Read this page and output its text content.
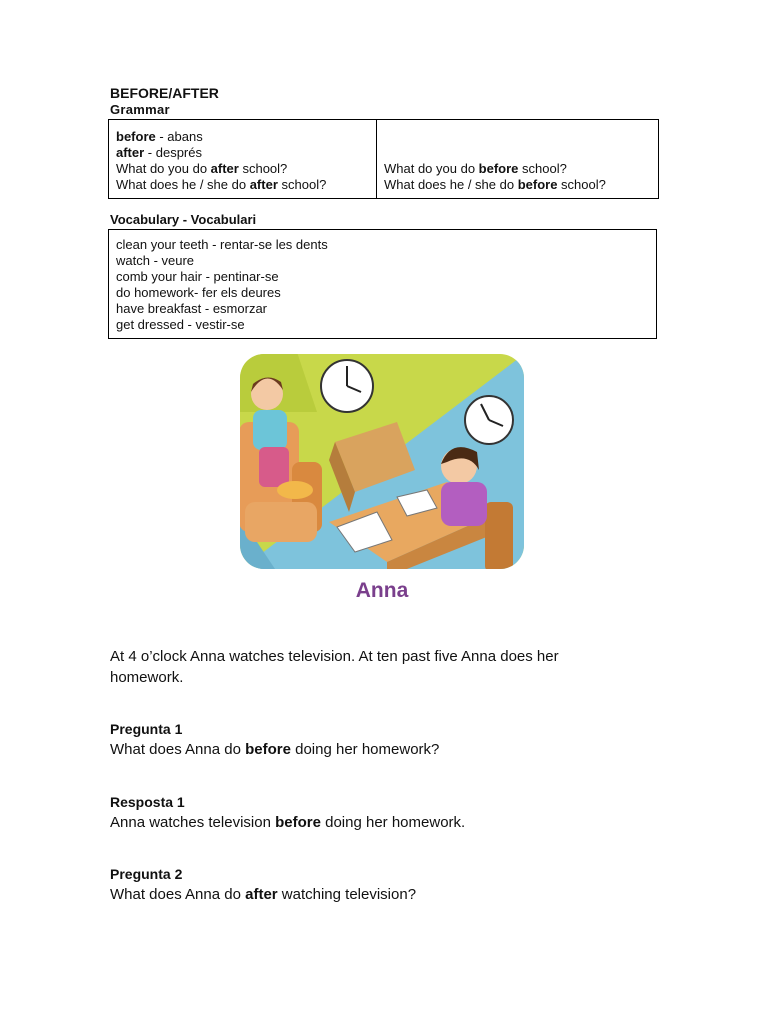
BEFORE/AFTER
Grammar
before - abans
after - després
What do you do after school?
What does he / she do after school?

What do you do before school?
What does he / she do before school?
Vocabulary - Vocabulari
clean your teeth - rentar-se les dents
watch - veure
comb your hair - pentinar-se
do homework- fer els deures
have breakfast - esmorzar
get dressed - vestir-se
Anna
At 4 o’clock Anna watches television. At ten past five Anna does her
homework.
Pregunta 1
What does Anna do before doing her homework?
Resposta 1
Anna watches television before doing her homework.
Pregunta 2
What does Anna do after watching television?
